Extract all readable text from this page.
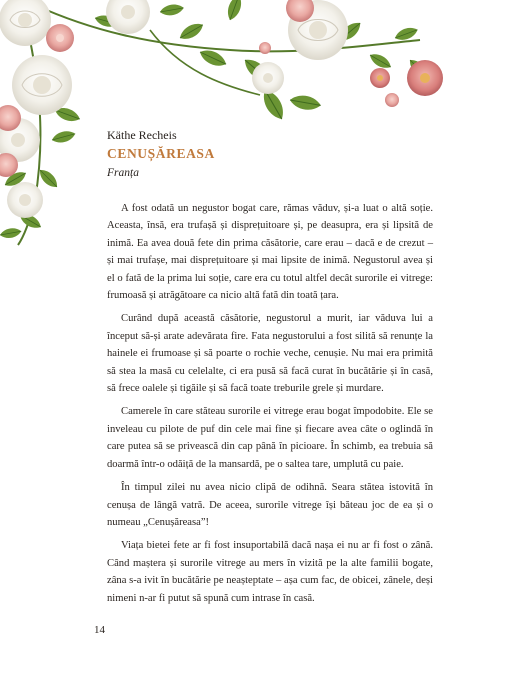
Käthe Recheis

CENUȘĂREASA

Franța

A fost odată un negustor bogat care, rămas văduv, și-a luat o altă soție. Aceasta, însă, era trufașă și disprețuitoare și, pe deasupra, era și lipsită de inimă. Ea avea două fete din prima căsătorie, care erau – dacă e de crezut – și mai trufașe, mai disprețuitoare și mai lipsite de inimă. Negustorul avea și el o fată de la prima lui soție, care era cu totul altfel decât surorile ei vitrege: frumoasă și atrăgătoare ca nicio altă fată din toată țara.

Curând după această căsătorie, negustorul a murit, iar văduva lui a început să-și arate adevărata fire. Fata negustorului a fost silită să renunțe la hainele ei frumoase și să poarte o rochie veche, cenușie. Nu mai era primită să stea la masă cu celelalte, ci era pusă să facă curat în bucătărie și în casă, să frece oalele și tigăile și să facă toate treburile grele și murdare.

Camerele în care stăteau surorile ei vitrege erau bogat împodobite. Ele se inveleau cu pilote de puf din cele mai fine și fiecare avea câte o oglindă în care putea să se privească din cap până în picioare. În schimb, ea trebuia să doarmă într-o odăiță de la mansardă, pe o saltea tare, umplută cu paie.

În timpul zilei nu avea nicio clipă de odihnă. Seara stătea istovită în cenușa de lângă vatră. De aceea, surorile vitrege își băteau joc de ea și o numeau „Cenușăreasa”!

Viața bietei fete ar fi fost insuportabilă dacă nașa ei nu ar fi fost o zână. Când mașterа și surorile vitrege au mers în vizită pe la alte familii bogate, zâna s-a ivit în bucătărie pe neașteptate – așa cum fac, de obicei, zânele, deși nimeni n-ar fi putut să spună cum intrase în casă.

14
